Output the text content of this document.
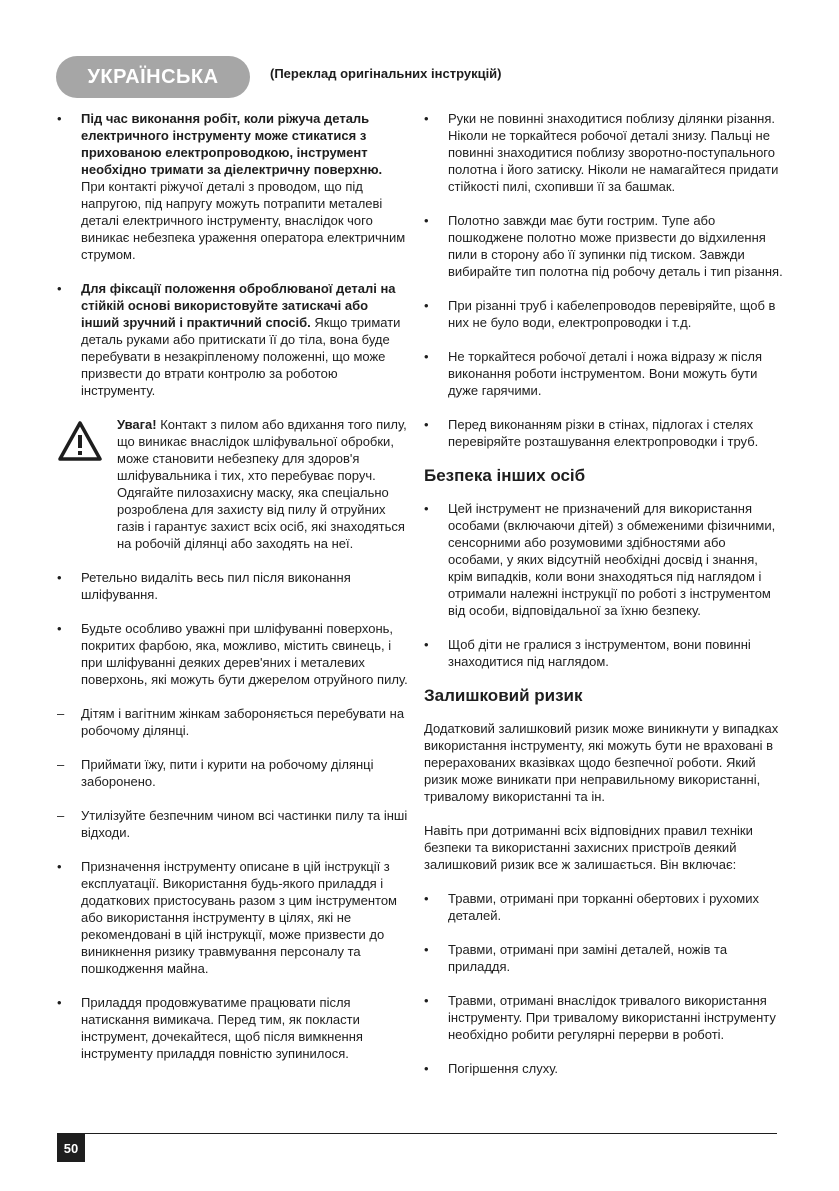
УКРАЇНСЬКА	(Переклад оригінальних інструкцій)
•	Під час виконання робіт, коли ріжуча деталь електричного інструменту може стикатися з прихованою електропроводкою, інструмент необхідно тримати за діелектричну поверхню. При контакті ріжучої деталі з проводом, що під напругою, під напругу можуть потрапити металеві деталі електричного інструменту, внаслідок чого виникає небезпека ураження оператора електричним струмом.
•	Для фіксації положення оброблюваної деталі на стійкій основі використовуйте затискачі або інший зручний і практичний спосіб. Якщо тримати деталь руками або притискати її до тіла, вона буде перебувати в незакріпленому положенні, що може призвести до втрати контролю за роботою інструменту.
Увага! Контакт з пилом або вдихання того пилу, що виникає внаслідок шліфувальної обробки, може становити небезпеку для здоров'я шліфувальника і тих, хто перебуває поруч. Одягайте пилозахисну маску, яка спеціально розроблена для захисту від пилу й отруйних газів і гарантує захист всіх осіб, які знаходяться на робочій ділянці або заходять на неї.
•	Ретельно видаліть весь пил після виконання шліфування.
•	Будьте особливо уважні при шліфуванні поверхонь, покритих фарбою, яка, можливо, містить свинець, і при шліфуванні деяких дерев'яних і металевих поверхонь, які можуть бути джерелом отруйного пилу.
–	Дітям і вагітним жінкам забороняється перебувати на робочому ділянці.
–	Приймати їжу, пити і курити на робочому ділянці заборонено.
–	Утилізуйте безпечним чином всі частинки пилу та інші відходи.
•	Призначення інструменту описане в цій інструкції з експлуатації. Використання будь-якого приладдя і додаткових пристосувань разом з цим інструментом або використання інструменту в цілях, які не рекомендовані в цій інструкції, може призвести до виникнення ризику травмування персоналу та пошкодження майна.
•	Приладдя продовжуватиме працювати після натискання вимикача. Перед тим, як покласти інструмент, дочекайтеся, щоб після вимкнення інструменту приладдя повністю зупинилося.
•	Руки не повинні знаходитися поблизу ділянки різання. Ніколи не торкайтеся робочої деталі знизу. Пальці не повинні знаходитися поблизу зворотно-поступального полотна і його затиску. Ніколи не намагайтеся придати стійкості пилі, схопивши її за башмак.
•	Полотно завжди має бути гострим. Тупе або пошкоджене полотно може призвести до відхилення пили в сторону або її зупинки під тиском. Завжди вибирайте тип полотна під робочу деталь і тип різання.
•	При різанні труб і кабелепроводов перевіряйте, щоб в них не було води, електропроводки і т.д.
•	Не торкайтеся робочої деталі і ножа відразу ж після виконання роботи інструментом. Вони можуть бути дуже гарячими.
•	Перед виконанням різки в стінах, підлогах і стелях перевіряйте розташування електропроводки і труб.
Безпека інших осіб
•	Цей інструмент не призначений для використання особами (включаючи дітей) з обмеженими фізичними, сенсорними або розумовими здібностями або особами, у яких відсутній необхідні досвід і знання, крім випадків, коли вони знаходяться під наглядом і отримали належні інструкції по роботі з інструментом від особи, відповідальної за їхню безпеку.
•	Щоб діти не гралися з інструментом, вони повинні знаходитися під наглядом.
Залишковий ризик
Додатковий залишковий ризик може виникнути у випадках використання інструменту, які можуть бути не враховані в перерахованих вказівках щодо безпечної роботи. Який ризик може виникати при неправильному використанні, тривалому використанні та ін.
Навіть при дотриманні всіх відповідних правил техніки безпеки та використанні захисних пристроїв деякий залишковий ризик все ж залишається. Він включає:
•	Травми, отримані при торканні обертових і рухомих деталей.
•	Травми, отримані при заміні деталей, ножів та приладдя.
•	Травми, отримані внаслідок тривалого використання інструменту. При тривалому використанні інструменту необхідно робити регулярні перерви в роботі.
•	Погіршення слуху.
50
